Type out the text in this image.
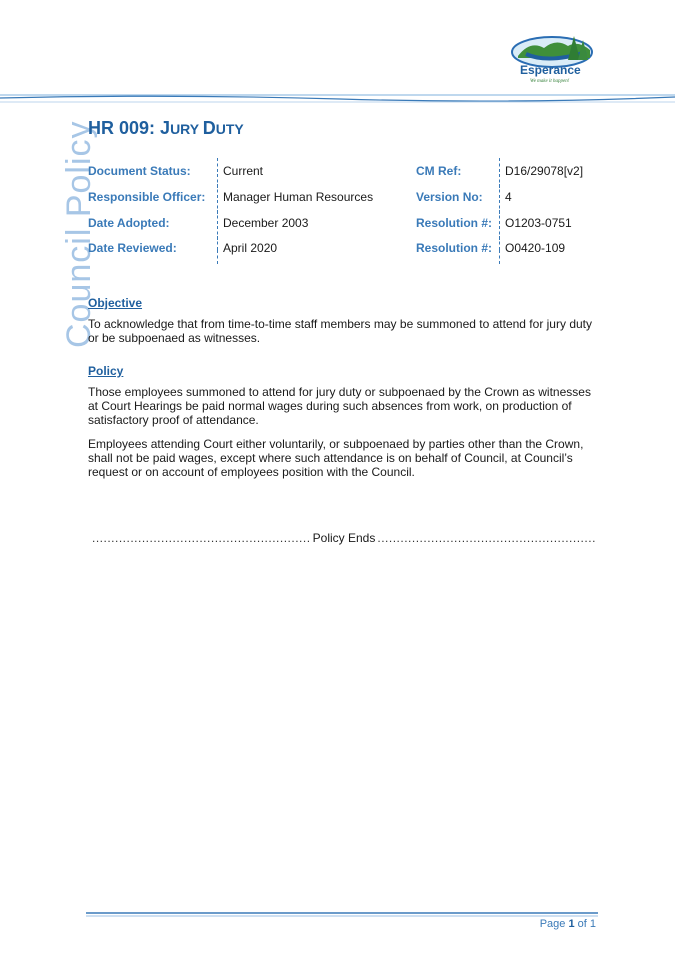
Esperance
We make it happen!
Council Policy
HR 009: JURY DUTY
Document Status:
Responsible Officer:
Date Adopted:
Date Reviewed:
Current
Manager Human Resources
December 2003
April 2020
CM Ref:
Version No:
Resolution #:
Resolution #:
D16/29078[v2]
4
O1203-0751
O0420-109
Objective
To acknowledge that from time-to-time staff members may be summoned to attend for jury duty or be subpoenaed as witnesses.
Policy
Those employees summoned to attend for jury duty or subpoenaed by the Crown as witnesses at Court Hearings be paid normal wages during such absences from work, on production of satisfactory proof of attendance.
Employees attending Court either voluntarily, or subpoenaed by parties other than the Crown, shall not be paid wages, except where such attendance is on behalf of Council, at Council’s request or on account of employees position with the Council.
.....
Policy Ends
.....
Page 1 of 1
